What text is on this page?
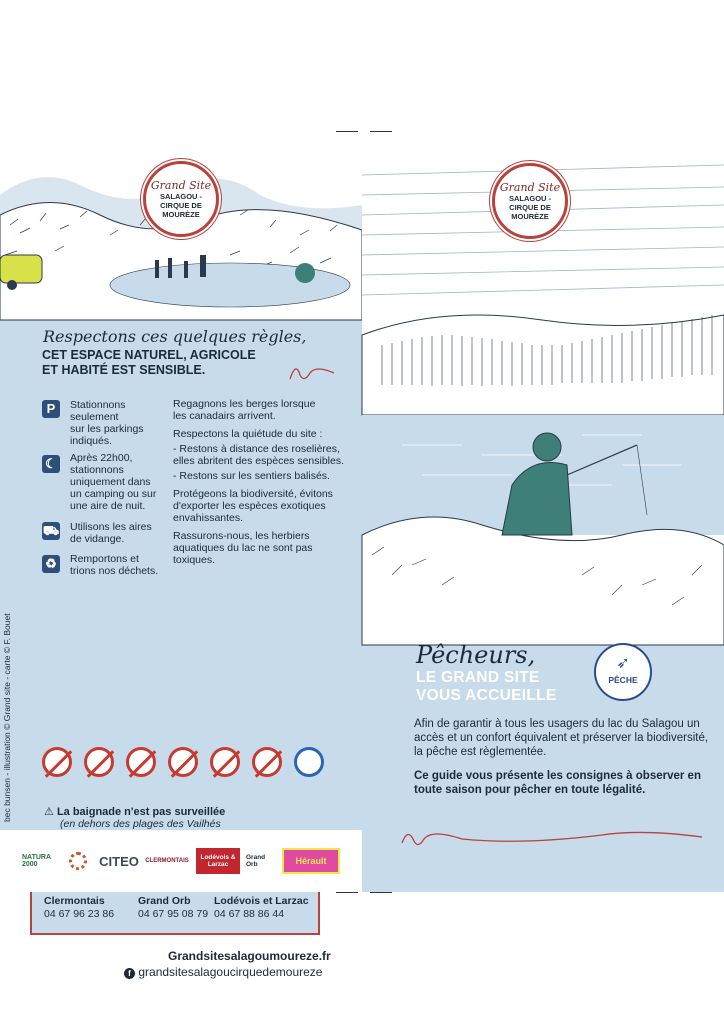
Grand Site
SALAGOU -
CIRQUE DE MOURÈZE
Respectons ces quelques règles,
CET ESPACE NATUREL, AGRICOLE
ET HABITÉ EST SENSIBLE.
P	Stationnons
seulement
sur les parkings
indiqués.
☾	Après 22h00,
stationnons
uniquement dans
un camping ou sur
une aire de nuit.
⛟ Utilisons les aires
de vidange.
♻	Remportons et
trions nos déchets.
Regagnons les berges lorsque
les canadairs arrivent.
Respectons la quiétude du site :
- Restons à distance des roselières,
elles abritent des espèces sensibles.
- Restons sur les sentiers balisés.
Protégeons la biodiversité, évitons
d'exporter les espèces exotiques
envahissantes.
Rassurons-nous, les herbiers
aquatiques du lac ne sont pas
toxiques.
⚠ La baignade n'est pas surveillée
(en dehors des plages des Vailhés
Clermontais
04 67 96 23 86
Grand Orb
04 67 95 08 79
Lodévois et Larzac
04 67 88 86 44
Grandsitesalagoumoureze.fr
f grandsitesalagoucirquedemoureze
bec bunsen - illustration © Grand site - carte © F. Bouet
NATURA 2000	CITEO	CLERMONTAIS	Lodévois & Larzac
Grand Orb	Hérault
Grand Site
SALAGOU -
CIRQUE DE MOURÈZE
Pêcheurs,
LE GRAND SITE
VOUS ACCUEILLE
➶
PÊCHE
Afin de garantir à tous les usagers du lac du Salagou un accès et un confort équivalent et préserver la biodiversité, la pêche est règlementée.
Ce guide vous présente les consignes à observer en toute saison pour pêcher en toute légalité.
